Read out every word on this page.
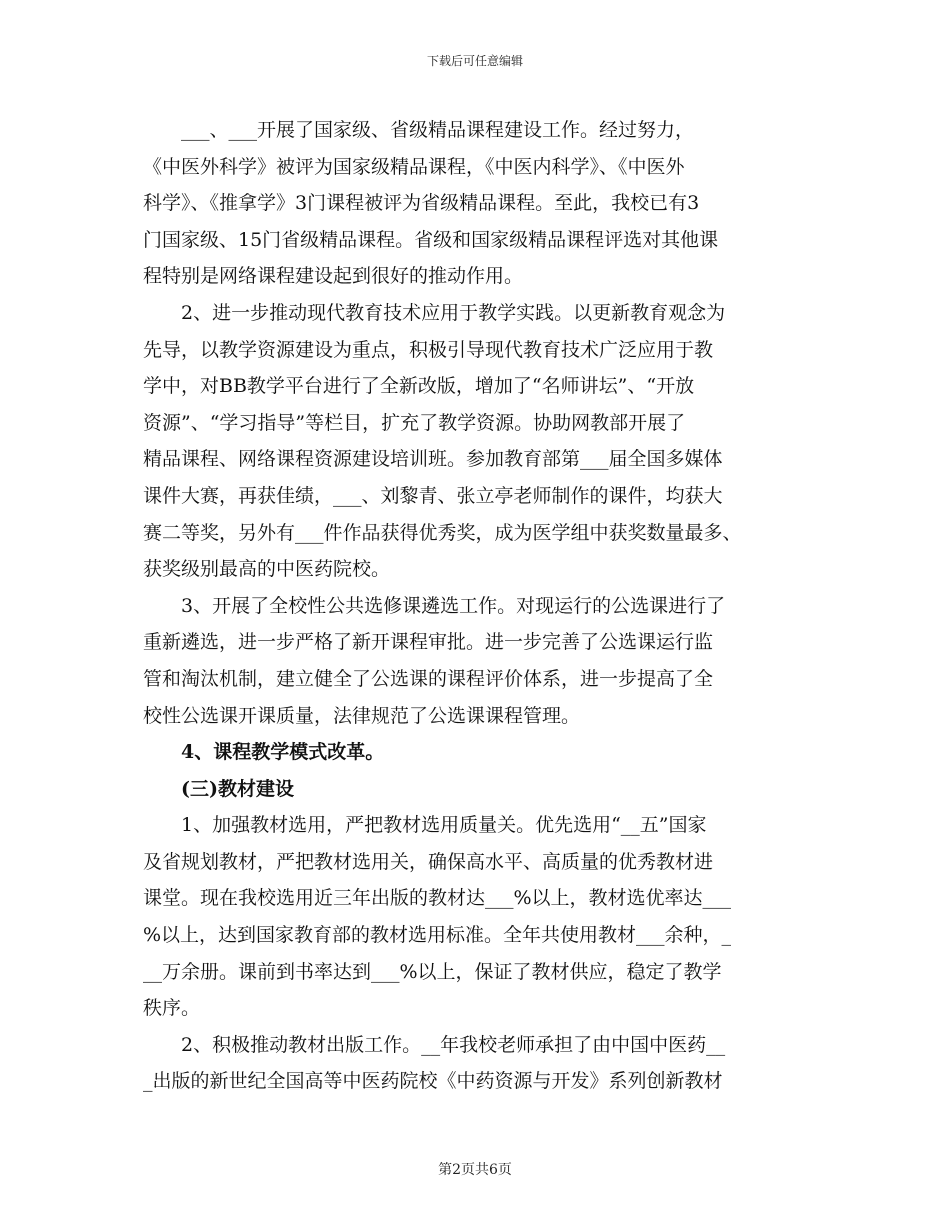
下载后可任意编辑

___、___开展了国家级、省级精品课程建设工作。经过努力，
《中医外科学》被评为国家级精品课程，《中医内科学》、《中医外
科学》、《推拿学》3门课程被评为省级精品课程。至此，我校已有3
门国家级、15门省级精品课程。省级和国家级精品课程评选对其他课
程特别是网络课程建设起到很好的推动作用。

2、进一步推动现代教育技术应用于教学实践。以更新教育观念为
先导，以教学资源建设为重点，积极引导现代教育技术广泛应用于教
学中，对BB教学平台进行了全新改版，增加了“名师讲坛”、“开放
资源”、“学习指导”等栏目，扩充了教学资源。协助网教部开展了
精品课程、网络课程资源建设培训班。参加教育部第___届全国多媒体
课件大赛，再获佳绩，___、刘黎青、张立亭老师制作的课件，均获大
赛二等奖，另外有___件作品获得优秀奖，成为医学组中获奖数量最多、
获奖级别最高的中医药院校。

3、开展了全校性公共选修课遴选工作。对现运行的公选课进行了
重新遴选，进一步严格了新开课程审批。进一步完善了公选课运行监
管和淘汰机制，建立健全了公选课的课程评价体系，进一步提高了全
校性公选课开课质量，法律规范了公选课课程管理。

4、课程教学模式改革。

(三)教材建设

1、加强教材选用，严把教材选用质量关。优先选用“__五”国家
及省规划教材，严把教材选用关，确保高水平、高质量的优秀教材进
课堂。现在我校选用近三年出版的教材达___%以上，教材选优率达___
%以上，达到国家教育部的教材选用标准。全年共使用教材___余种，_
__万余册。课前到书率达到___%以上，保证了教材供应，稳定了教学
秩序。

2、积极推动教材出版工作。__年我校老师承担了由中国中医药__
_出版的新世纪全国高等中医药院校《中药资源与开发》系列创新教材

第2页共6页
